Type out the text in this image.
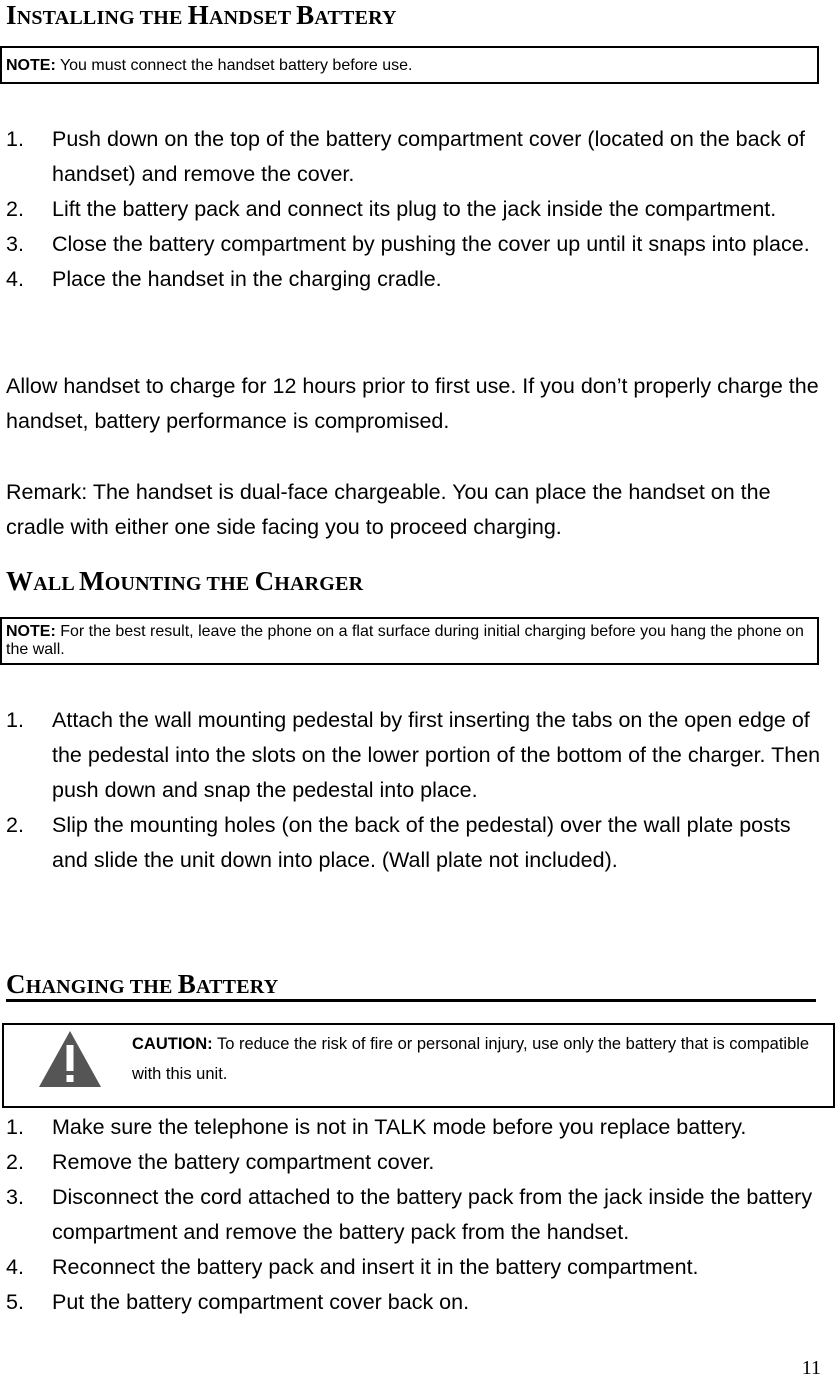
INSTALLING THE HANDSET BATTERY
NOTE: You must connect the handset battery before use.
1. Push down on the top of the battery compartment cover (located on the back of handset) and remove the cover.
2. Lift the battery pack and connect its plug to the jack inside the compartment.
3. Close the battery compartment by pushing the cover up until it snaps into place.
4. Place the handset in the charging cradle.
Allow handset to charge for 12 hours prior to first use. If you don’t properly charge the handset, battery performance is compromised.
Remark: The handset is dual-face chargeable. You can place the handset on the cradle with either one side facing you to proceed charging.
WALL MOUNTING THE CHARGER
NOTE: For the best result, leave the phone on a flat surface during initial charging before you hang the phone on the wall.
1. Attach the wall mounting pedestal by first inserting the tabs on the open edge of the pedestal into the slots on the lower portion of the bottom of the charger. Then push down and snap the pedestal into place.
2. Slip the mounting holes (on the back of the pedestal) over the wall plate posts and slide the unit down into place. (Wall plate not included).
CHANGING THE BATTERY
CAUTION: To reduce the risk of fire or personal injury, use only the battery that is compatible with this unit.
1. Make sure the telephone is not in TALK mode before you replace battery.
2. Remove the battery compartment cover.
3. Disconnect the cord attached to the battery pack from the jack inside the battery compartment and remove the battery pack from the handset.
4. Reconnect the battery pack and insert it in the battery compartment.
5. Put the battery compartment cover back on.
11
